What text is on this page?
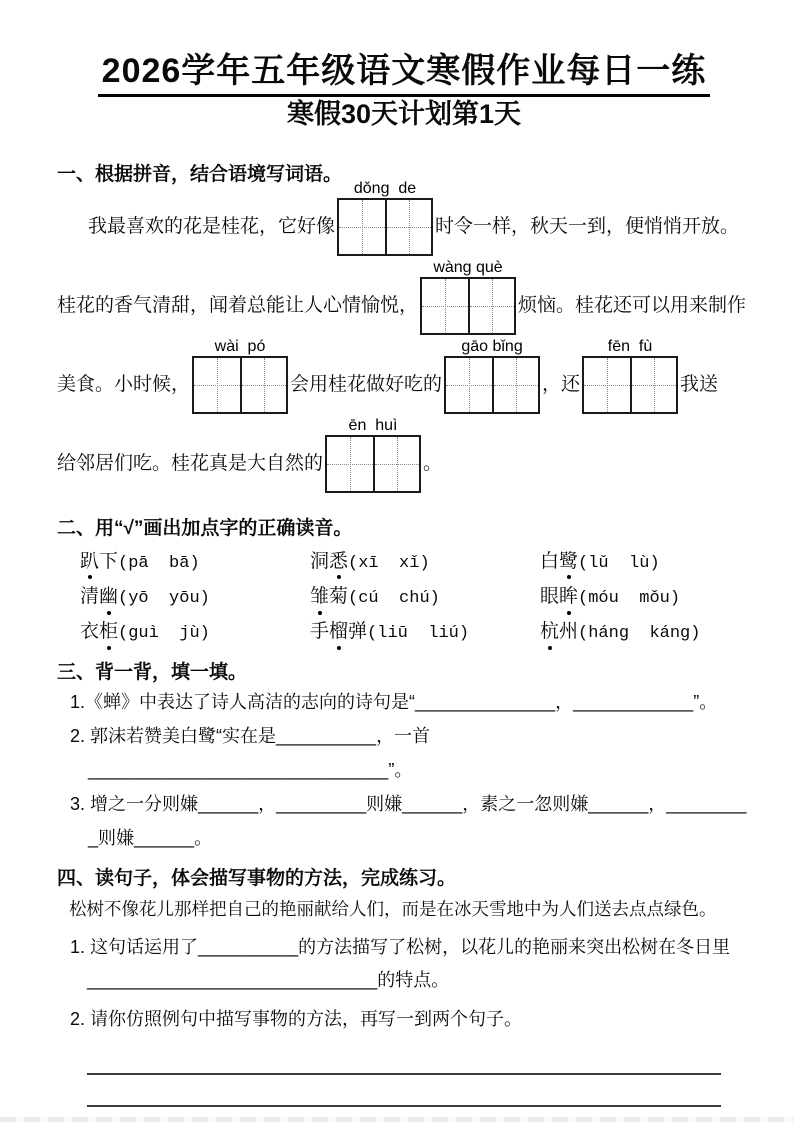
2026学年五年级语文寒假作业每日一练
寒假30天计划第1天
一、根据拼音，结合语境写词语。
我最喜欢的花是桂花，它好像
dǒng  de
时令一样，秋天一到，便悄悄开放。
桂花的香气清甜，闻着总能让人心情愉悦，
wàng què
烦恼。桂花还可以用来制作
美食。小时候，
wài  pó
会用桂花做好吃的
gāo bǐng
，还
fēn  fù
我送
给邻居们吃。桂花真是大自然的
ēn  huì
。
二、用“√”画出加点字的正确读音。
趴下(pā  bā)	洞悉(xī  xǐ)	白鹭(lǔ  lù)
清幽(yō  yōu)	雏菊(cú  chú)	眼眸(móu  mǒu)
衣柜(guì  jù)	手榴弹(liū  liú)	杭州(háng  káng)
三、背一背，填一填。
1.《蝉》中表达了诗人高洁的志向的诗句是“______________，____________”。
2. 郭沫若赞美白鹭“实在是__________，一首______________________________”。
3. 增之一分则嫌______，_________则嫌______，素之一忽则嫌______，_________则嫌______。
四、读句子，体会描写事物的方法，完成练习。
松树不像花儿那样把自己的艳丽献给人们，而是在冰天雪地中为人们送去点点绿色。
1. 这句话运用了__________的方法描写了松树，以花儿的艳丽来突出松树在冬日里
_____________________________的特点。
2. 请你仿照例句中描写事物的方法，再写一到两个句子。
